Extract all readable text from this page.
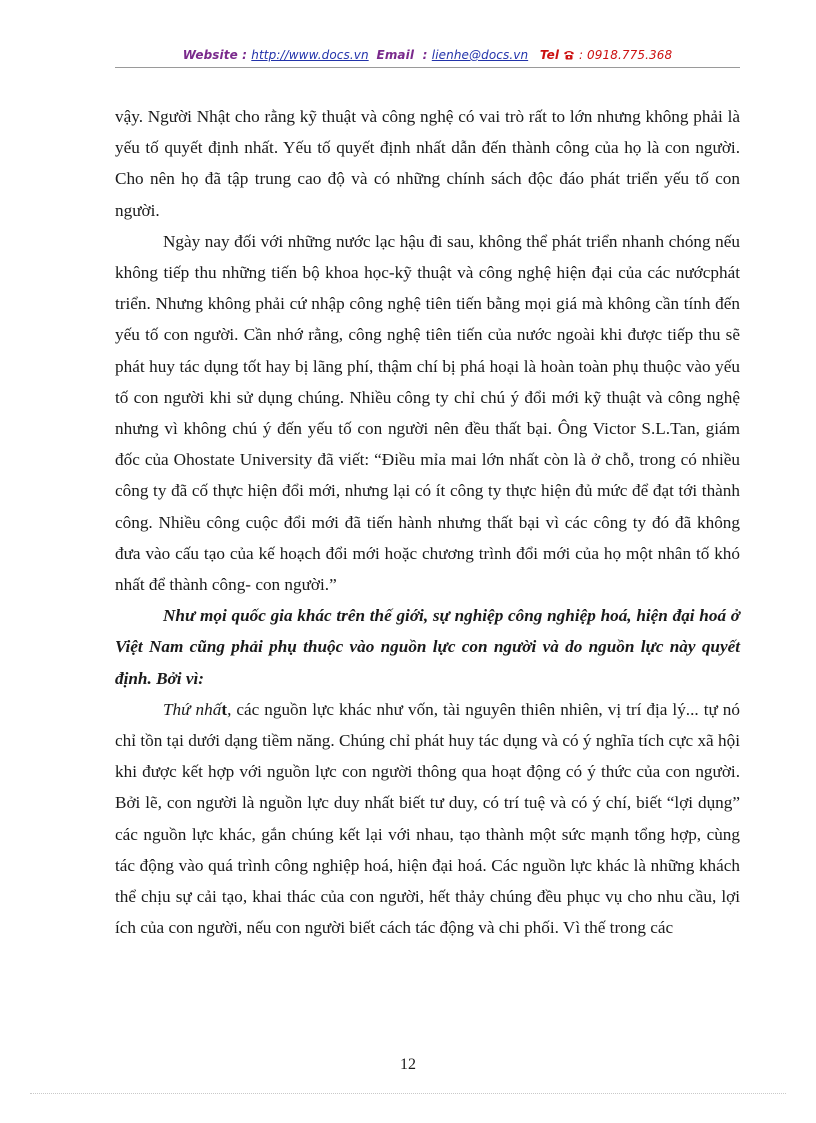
Website : http://www.docs.vn Email  : lienhe@docs.vn Tel  : 0918.775.368

vậy. Người Nhật cho rằng kỹ thuật và công nghệ có vai trò rất to lớn nhưng không phải là yếu tố quyết định nhất. Yếu tố quyết định nhất dẫn đến thành công của họ là con người. Cho nên họ đã tập trung cao độ và có những chính sách độc đáo phát triển yếu tố con người.

Ngày nay đối với những nước lạc hậu đi sau, không thể phát triển nhanh chóng nếu không tiếp thu những tiến bộ khoa học-kỹ thuật và công nghệ hiện đại của các nướcphát triển. Nhưng không phải cứ nhập công nghệ tiên tiến bằng mọi giá mà không cần tính đến yếu tố con người. Cần nhớ rằng, công nghệ tiên tiến của nước ngoài khi được tiếp thu sẽ phát huy tác dụng tốt hay bị lãng phí, thậm chí bị phá hoại là hoàn toàn phụ thuộc vào yếu tố con người khi sử dụng chúng. Nhiều công ty chỉ chú ý đổi mới kỹ thuật và công nghệ nhưng vì không chú ý đến yếu tố con người nên đều thất bại. Ông Victor S.L.Tan, giám đốc của Ohostate University đã viết: “Điều mỉa mai lớn nhất còn là ở chỗ, trong có nhiều công ty đã cố thực hiện đổi mới, nhưng lại có ít công ty thực hiện đủ mức để đạt tới thành công. Nhiều công cuộc đổi mới đã tiến hành nhưng thất bại vì các công ty đó đã không đưa vào cấu tạo của kế hoạch đổi mới hoặc chương trình đổi mới của họ một nhân tố khó nhất để thành công- con người.”

Như mọi quốc gia khác trên thế giới, sự nghiệp công nghiệp hoá, hiện đại hoá ở Việt Nam cũng phải phụ thuộc vào nguồn lực con người và do nguồn lực này quyết định. Bởi vì:

Thứ nhất, các nguồn lực khác như vốn, tài nguyên thiên nhiên, vị trí địa lý... tự nó chỉ tồn tại dưới dạng tiềm năng. Chúng chỉ phát huy tác dụng và có ý nghĩa tích cực xã hội khi được kết hợp với nguồn lực con người thông qua hoạt động có ý thức của con người. Bởi lẽ, con người là nguồn lực duy nhất biết tư duy, có trí tuệ và có ý chí, biết “lợi dụng” các nguồn lực khác, gắn chúng kết lại với nhau, tạo thành một sức mạnh tổng hợp, cùng tác động vào quá trình công nghiệp hoá, hiện đại hoá. Các nguồn lực khác là những khách thể chịu sự cải tạo, khai thác của con người, hết thảy chúng đều phục vụ cho nhu cầu, lợi ích của con người, nếu con người biết cách tác động và chi phối. Vì thế trong các

12
